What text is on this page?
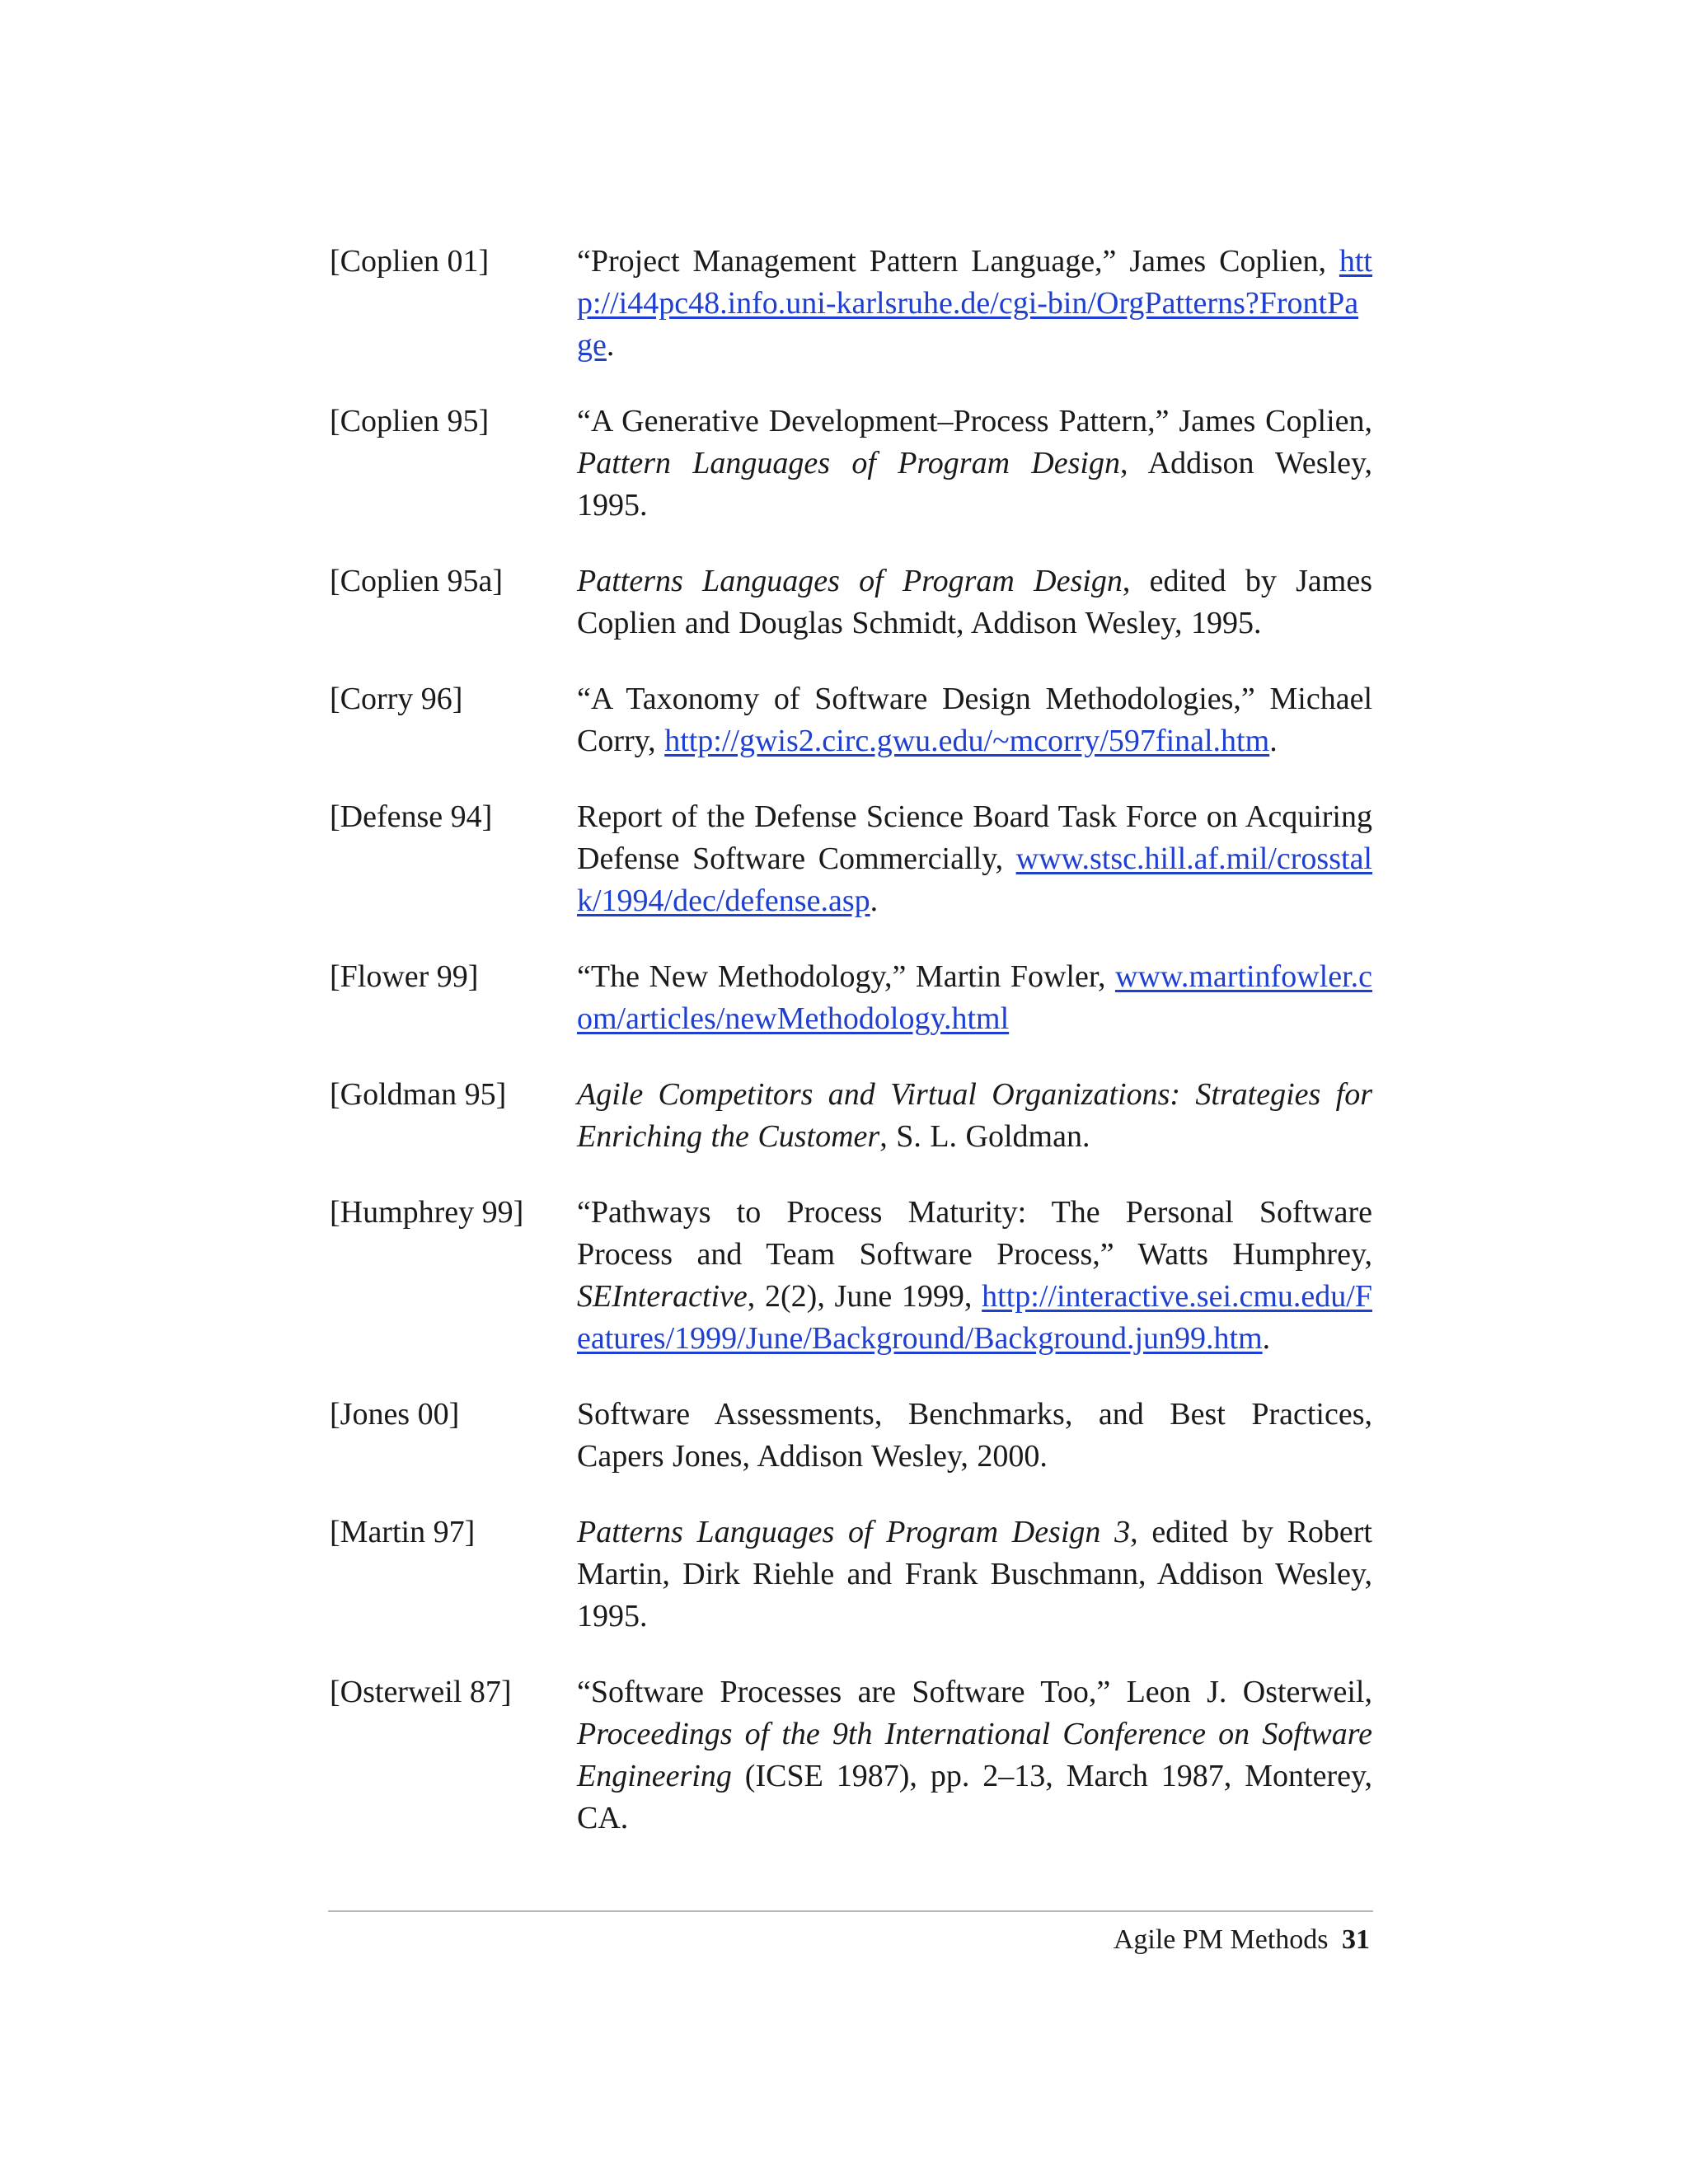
[Coplien 01]	“Project Management Pattern Language,” James Coplien, http://i44pc48.info.uni-karlsruhe.de/cgi-bin/OrgPatterns?FrontPage.
[Coplien 95]	“A Generative Development–Process Pattern,” James Coplien, Pattern Languages of Program Design, Addison Wesley, 1995.
[Coplien 95a]	Patterns Languages of Program Design, edited by James Coplien and Douglas Schmidt, Addison Wesley, 1995.
[Corry 96]	“A Taxonomy of Software Design Methodologies,” Michael Corry, http://gwis2.circ.gwu.edu/~mcorry/597final.htm.
[Defense 94]	Report of the Defense Science Board Task Force on Acquiring Defense Software Commercially, www.stsc.hill.af.mil/crosstalk/1994/dec/defense.asp.
[Flower 99]	“The New Methodology,” Martin Fowler, www.martinfowler.com/articles/newMethodology.html
[Goldman 95]	Agile Competitors and Virtual Organizations: Strategies for Enriching the Customer, S. L. Goldman.
[Humphrey 99]	“Pathways to Process Maturity: The Personal Software Process and Team Software Process,” Watts Humphrey, SEInteractive, 2(2), June 1999, http://interactive.sei.cmu.edu/Features/1999/June/Background/Background.jun99.htm.
[Jones 00]	Software Assessments, Benchmarks, and Best Practices, Capers Jones, Addison Wesley, 2000.
[Martin 97]	Patterns Languages of Program Design 3, edited by Robert Martin, Dirk Riehle and Frank Buschmann, Addison Wesley, 1995.
[Osterweil 87]	“Software Processes are Software Too,” Leon J. Osterweil, Proceedings of the 9th International Conference on Software Engineering (ICSE 1987), pp. 2–13, March 1987, Monterey, CA.
Agile PM Methods 31
